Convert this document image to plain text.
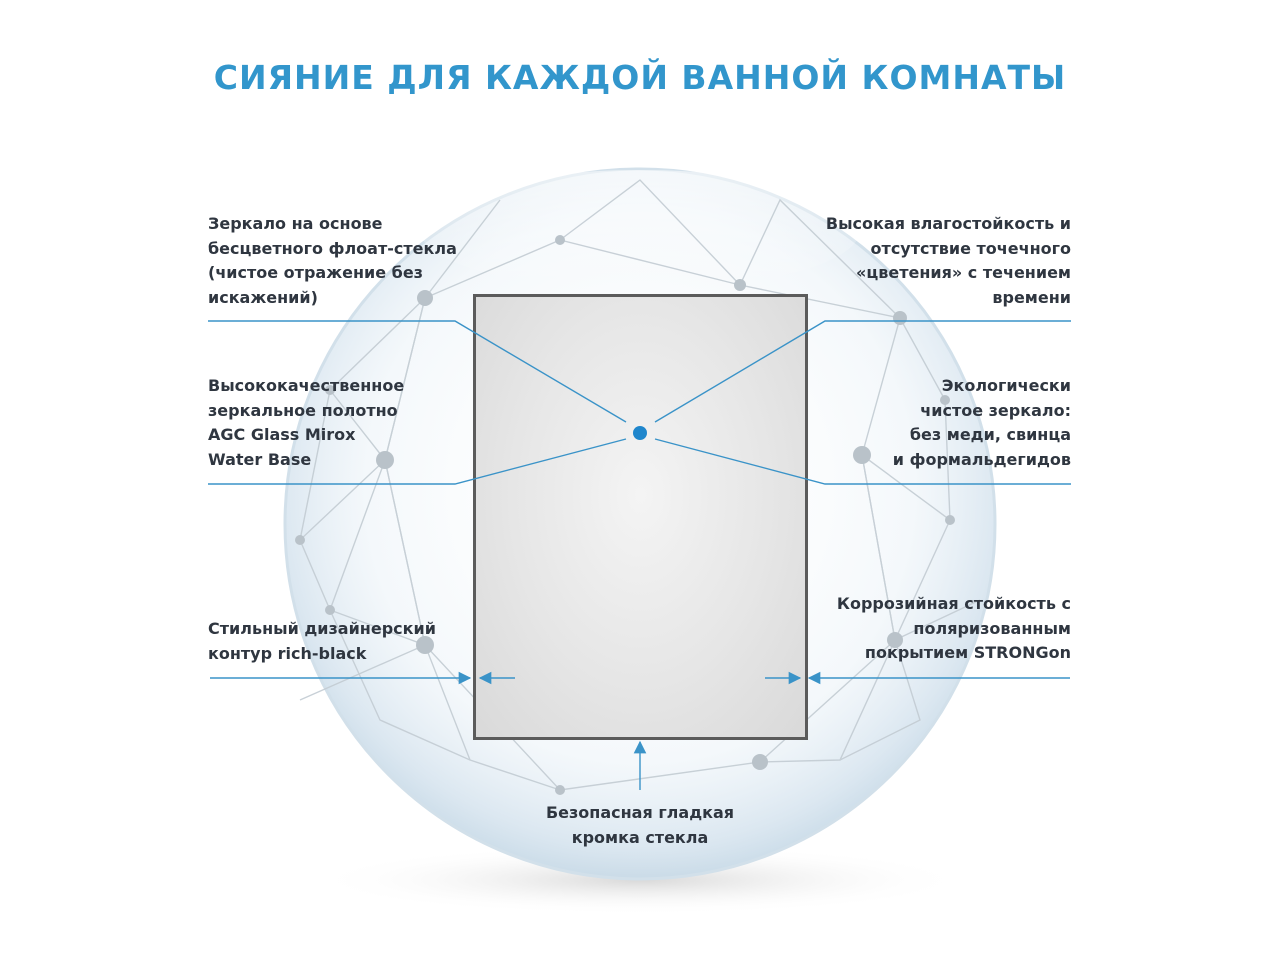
СИЯНИЕ ДЛЯ КАЖДОЙ ВАННОЙ КОМНАТЫ
Зеркало на основе
бесцветного флоат-стекла
(чистое отражение без
искажений)
Высокая влагостойкость и
отсутствие точечного
«цветения» с течением
времени
Высококачественное
зеркальное полотно
AGC Glass Mirox
Water Base
Экологически
чистое зеркало:
без меди, свинца
и формальдегидов
Стильный дизайнерский
контур rich-black
Коррозийная стойкость с
поляризованным
покрытием STRONGon
Безопасная гладкая
кромка стекла
